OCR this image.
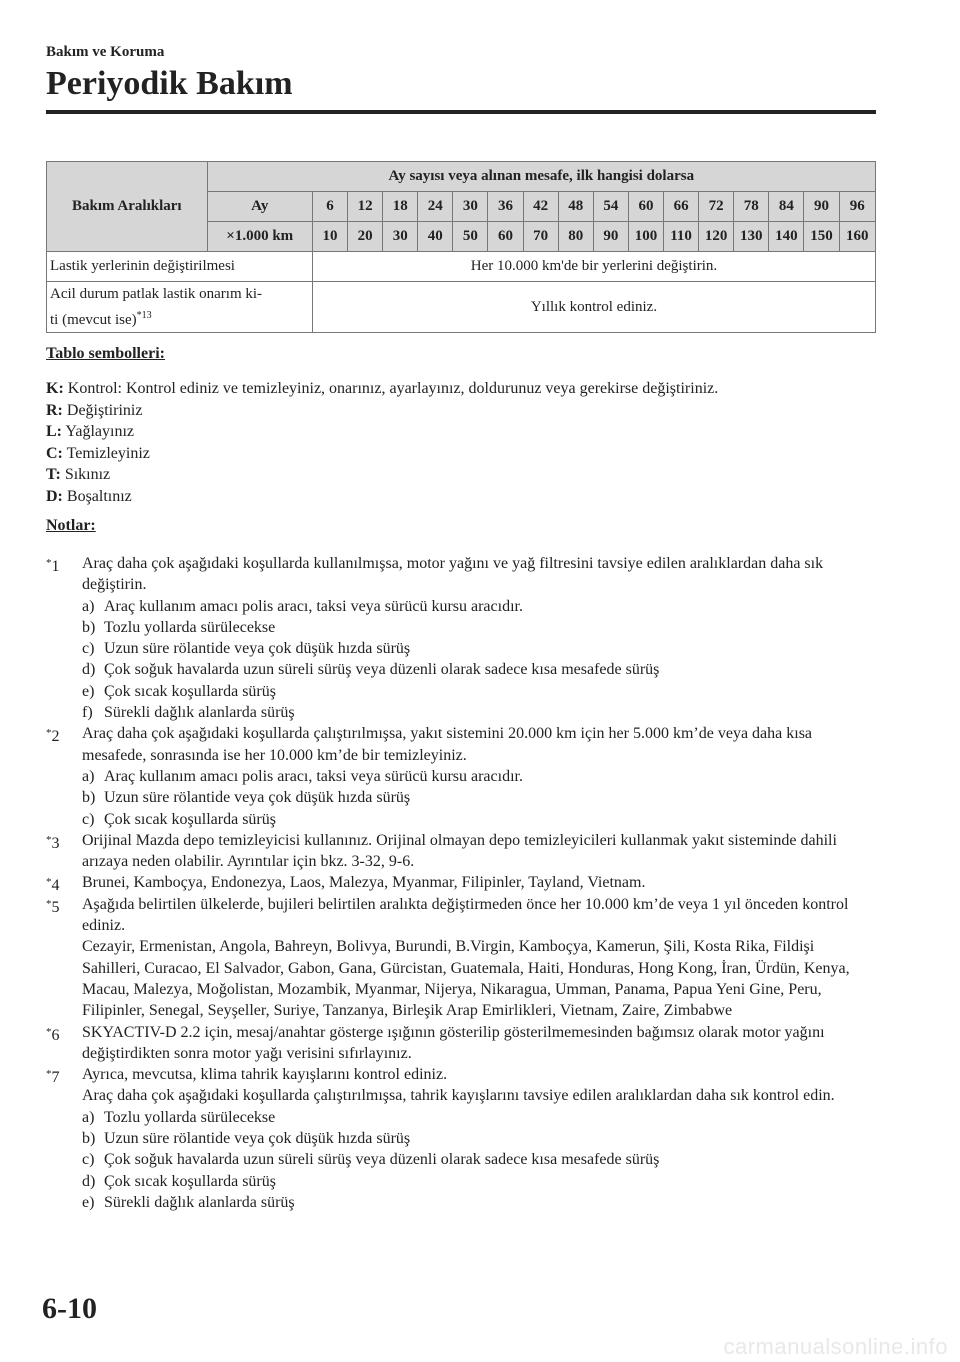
Bakım ve Koruma
Periyodik Bakım
Bakım Aralıkları	Ay sayısı veya alınan mesafe, ilk hangisi dolarsa																
	Ay	6	12	18	24	30	36	42	48	54	60	66	72	78	84	90	96
	×1.000 km	10	20	30	40	50	60	70	80	90	100	110	120	130	140	150	160
Lastik yerlerinin değiştirilmesi		Her 10.000 km'de bir yerlerini değiştirin.															
Acil durum patlak lastik onarım ki-
ti (mevcut ise)$^{*13}$		Yıllık kontrol ediniz.															
Tablo sembolleri:
K: Kontrol: Kontrol ediniz ve temizleyiniz, onarınız, ayarlayınız, doldurunuz veya gerekirse değiştiriniz.
R: Değiştiriniz
L: Yağlayınız
C: Temizleyiniz
T: Sıkınız
D: Boşaltınız
Notlar:
*1 Araç daha çok aşağıdaki koşullarda kullanılmışsa, motor yağını ve yağ filtresini tavsiye edilen aralıklardan daha sık değiştirin.
a) Araç kullanım amacı polis aracı, taksi veya sürücü kursu aracıdır.
b) Tozlu yollarda sürülecekse
c) Uzun süre rölantide veya çok düşük hızda sürüş
d) Çok soğuk havalarda uzun süreli sürüş veya düzenli olarak sadece kısa mesafede sürüş
e) Çok sıcak koşullarda sürüş
f) Sürekli dağlık alanlarda sürüş
*2 Araç daha çok aşağıdaki koşullarda çalıştırılmışsa, yakıt sistemini 20.000 km için her 5.000 km’de veya daha kısa mesafede, sonrasında ise her 10.000 km’de bir temizleyiniz.
a) Araç kullanım amacı polis aracı, taksi veya sürücü kursu aracıdır.
b) Uzun süre rölantide veya çok düşük hızda sürüş
c) Çok sıcak koşullarda sürüş
*3 Orijinal Mazda depo temizleyicisi kullanınız. Orijinal olmayan depo temizleyicileri kullanmak yakıt sisteminde dahili arızaya neden olabilir. Ayrıntılar için bkz. 3-32, 9-6.
*4 Brunei, Kamboçya, Endonezya, Laos, Malezya, Myanmar, Filipinler, Tayland, Vietnam.
*5 Aşağıda belirtilen ülkelerde, bujileri belirtilen aralıkta değiştirmeden önce her 10.000 km’de veya 1 yıl önceden kontrol ediniz.
Cezayir, Ermenistan, Angola, Bahreyn, Bolivya, Burundi, B.Virgin, Kamboçya, Kamerun, Şili, Kosta Rika, Fildişi Sahilleri, Curacao, El Salvador, Gabon, Gana, Gürcistan, Guatemala, Haiti, Honduras, Hong Kong, İran, Ürdün, Kenya, Macau, Malezya, Moğolistan, Mozambik, Myanmar, Nijerya, Nikaragua, Umman, Panama, Papua Yeni Gine, Peru, Filipinler, Senegal, Seyşeller, Suriye, Tanzanya, Birleşik Arap Emirlikleri, Vietnam, Zaire, Zimbabwe
*6 SKYACTIV-D 2.2 için, mesaj/anahtar gösterge ışığının gösterilip gösterilmemesinden bağımsız olarak motor yağını değiştirdikten sonra motor yağı verisini sıfırlayınız.
*7 Ayrıca, mevcutsa, klima tahrik kayışlarını kontrol ediniz.
Araç daha çok aşağıdaki koşullarda çalıştırılmışsa, tahrik kayışlarını tavsiye edilen aralıklardan daha sık kontrol edin.
a) Tozlu yollarda sürülecekse
b) Uzun süre rölantide veya çok düşük hızda sürüş
c) Çok soğuk havalarda uzun süreli sürüş veya düzenli olarak sadece kısa mesafede sürüş
d) Çok sıcak koşullarda sürüş
e) Sürekli dağlık alanlarda sürüş
6-10
carmanualsonline.info
